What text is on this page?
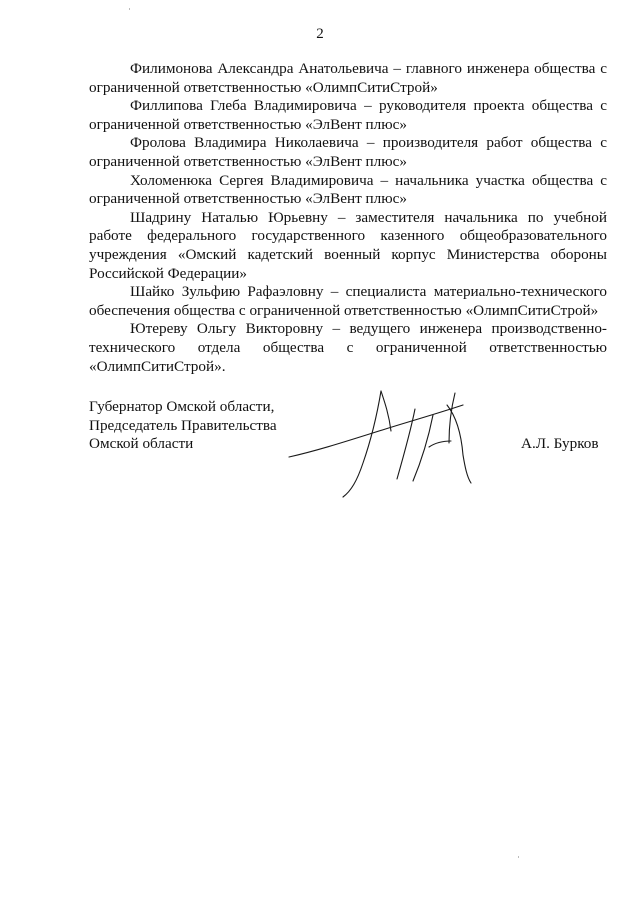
2

Филимонова Александра Анатольевича – главного инженера общества с ограниченной ответственностью «ОлимпСитиСтрой»

Филлипова Глеба Владимировича – руководителя проекта общества с ограниченной ответственностью «ЭлВент плюс»

Фролова Владимира Николаевича – производителя работ общества с ограниченной ответственностью «ЭлВент плюс»

Холоменюка Сергея Владимировича – начальника участка общества с ограниченной ответственностью «ЭлВент плюс»

Шадрину Наталью Юрьевну – заместителя начальника по учебной работе федерального государственного казенного общеобразовательного учреждения «Омский кадетский военный корпус Министерства обороны Российской Федерации»

Шайко Зульфию Рафаэловну – специалиста материально-технического обеспечения общества с ограниченной ответственностью «ОлимпСитиСтрой»

Ютереву Ольгу Викторовну – ведущего инженера производственно-технического отдела общества с ограниченной ответственностью «ОлимпСитиСтрой».

Губернатор Омской области,
Председатель Правительства
Омской области	А.Л. Бурков
